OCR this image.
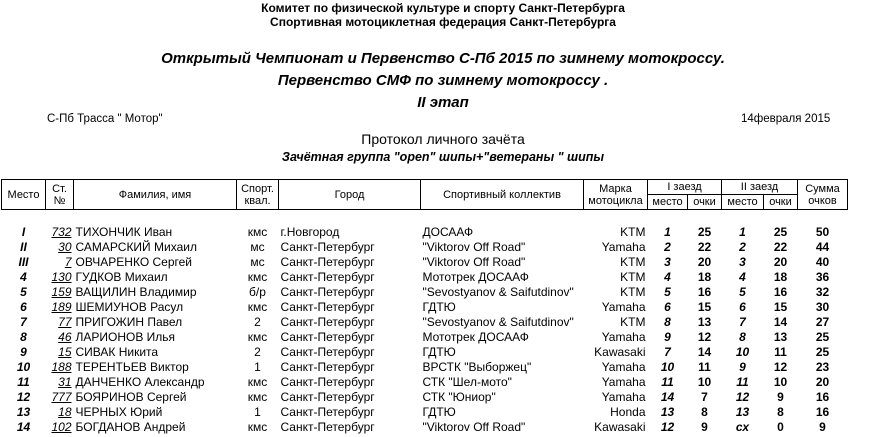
Комитет по физической культуре и спорту Санкт-Петербурга
Спортивная мотоциклетная федерация Санкт-Петербурга
Открытый Чемпионат и Первенство С-Пб 2015 по зимнему мотокроссу.
Первенство СМФ по зимнему мотокроссу .
II этап
С-Пб Трасса " Мотор"	14февраля 2015
Протокол личного зачёта
Зачётная группа "open" шипы+"ветераны " шипы
Место	Ст. №	Фамилия, имя	Спорт. квал.	Город	Спортивный коллектив	Марка мотоцикла	I заезд		II заезд		Сумма очков
							место	очки	место	очки	

I	732	ТИХОНЧИК Иван	кмс	г.Новгород	ДОСААФ	KTM	1	25	1	25	50
II	30	САМАРСКИЙ Михаил	мс	Санкт-Петербург	"Viktorov Off Road"	Yamaha	2	22	2	22	44
III	7	ОВЧАРЕНКО Сергей	мс	Санкт-Петербург	"Viktorov Off Road"	KTM	3	20	3	20	40
4	130	ГУДКОВ Михаил	кмс	Санкт-Петербург	Мототрек ДОСААФ	KTM	4	18	4	18	36
5	159	ВАЩИЛИН Владимир	б/р	Санкт-Петербург	"Sevostyanov & Saifutdinov"	KTM	5	16	5	16	32
6	189	ШЕМИУНОВ Расул	кмс	Санкт-Петербург	ГДТЮ	Yamaha	6	15	6	15	30
7	77	ПРИГОЖИН Павел	2	Санкт-Петербург	"Sevostyanov & Saifutdinov"	KTM	8	13	7	14	27
8	46	ЛАРИОНОВ Илья	кмс	Санкт-Петербург	Мототрек ДОСААФ	Yamaha	9	12	8	13	25
9	15	СИВАК Никита	2	Санкт-Петербург	ГДТЮ	Kawasaki	7	14	10	11	25
10	188	ТЕРЕНТЬЕВ Виктор	1	Санкт-Петербург	ВРСТК "Выборжец"	Yamaha	10	11	9	12	23
11	31	ДАНЧЕНКО Александр	кмс	Санкт-Петербург	СТК "Шел-мото"	Yamaha	11	10	11	10	20
12	777	БОЯРИНОВ Сергей	кмс	Санкт-Петербург	СТК "Юниор"	Yamaha	14	7	12	9	16
13	18	ЧЕРНЫХ Юрий	1	Санкт-Петербург	ГДТЮ	Honda	13	8	13	8	16
14	102	БОГДАНОВ Андрей	кмс	Санкт-Петербург	"Viktorov Off Road"	Kawasaki	12	9	сх	0	9
